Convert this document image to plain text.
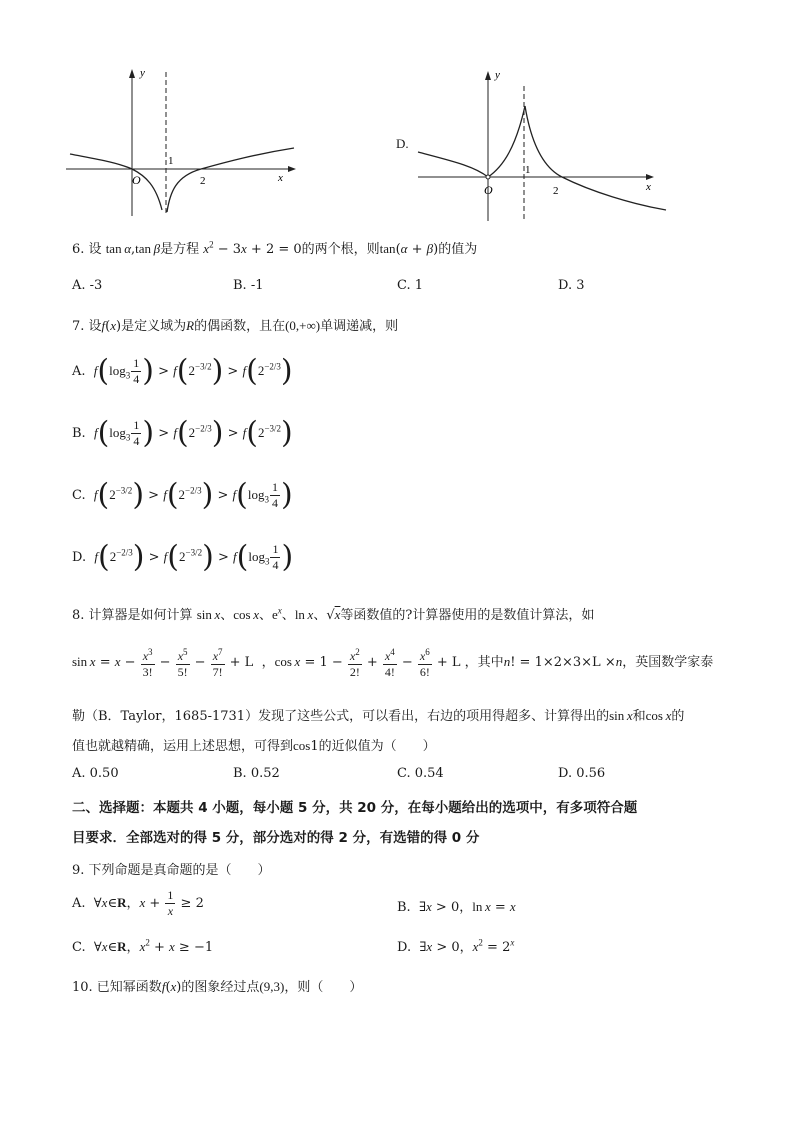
y
x
O
1
2
D.
y
x
O
1
2
6. 设 tan  α,tan  β是方程 $x^2 - 3x + 2 = 0$的两个根，则tan(α + β)的值为
A. -3	B. -1	C. 1	D. 3
7. 设f(x)是定义域为R的偶函数，且在(0,+∞)单调递减，则
A. $f(\log_3 \frac{1}{4}$ ) > $f(2^{-3/2}) > f(2^{-2/3})$
B. $f(\log_3 \frac{1}{4}$ ) > $f(2^{-2/3}) > f(2^{-3/2})$
C. $f(2^{-3/2}) > f(2^{-2/3}) > f(\log_3 \frac{1}{4}$ )
D. $f(2^{-2/3}) > f(2^{-3/2}) > f(\log_3 \frac{1}{4}$ )
8. 计算器是如何计算 sin  x、cos  x、$e^x$、ln  x、√x等函数值的?计算器使用的是数值计算法，如
$\sin x = x - \frac{x^3}{3!} - \frac{x^5}{5!} - \frac{x^7}{7!} + L$  ，$\cos x = 1 - \frac{x^2}{2!} + \frac{x^4}{4!} - \frac{x^6}{6!} + L$ ，其中n! = 1×2×3×L ×n，英国数学家泰
勒（B．Taylor，1685-1731）发现了这些公式，可以看出，右边的项用得超多、计算得出的sin  x和cos  x的
值也就越精确，运用上述思想，可得到cos1的近似值为（　　）
A. 0.50	B. 0.52	C. 0.54	D. 0.56
二、选择题：本题共 4 小题，每小题 5 分，共 20 分，在每小题给出的选项中，有多项符合题
目要求．全部选对的得 5 分，部分选对的得 2 分，有选错的得 0 分
9. 下列命题是真命题的是（　　）
A.  ∀x∈R，$x + \frac{1}{x} \ge 2$	B.  ∃x > 0，ln  x = x
C.  ∀x∈R，$x^2 + x \ge -1$	D.  ∃x > 0，$x^2 = 2^x$
10. 已知幂函数f(x)的图象经过点(9,3)，则（　　）
